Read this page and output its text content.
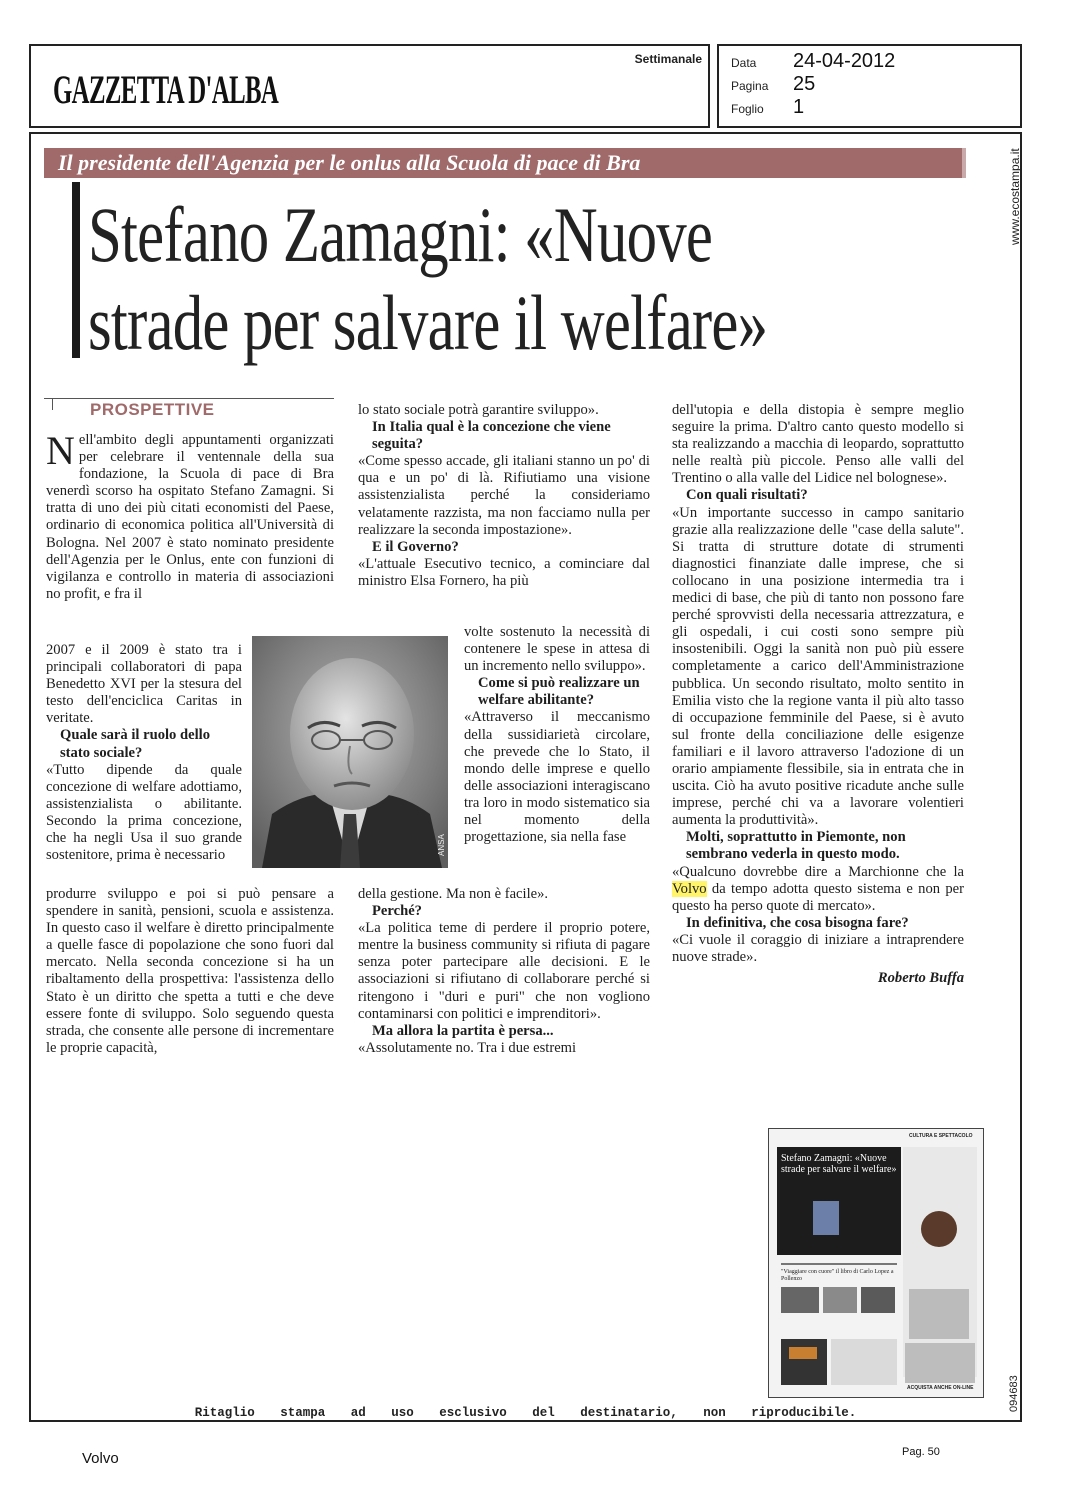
GAZZETTA D'ALBA
Settimanale Data 24-04-2012
Pagina 25
Foglio 1
Il presidente dell'Agenzia per le onlus alla Scuola di pace di Bra
Stefano Zamagni: «Nuove
strade per salvare il welfare»
PROSPETTIVE

Nell'ambito degli appuntamenti organizzati per celebrare il ventennale della sua fondazione, la Scuola di pace di Bra venerdì scorso ha ospitato Stefano Zamagni. Si tratta di uno dei più citati economisti del Paese, ordinario di economica politica all'Università di Bologna. Nel 2007 è stato nominato presidente dell'Agenzia per le Onlus, ente con funzioni di vigilanza e controllo in materia di associazioni no profit, e fra il

2007 e il 2009 è stato tra i principali collaboratori di papa Benedetto XVI per la stesura del testo dell'enciclica Caritas in veritate.

Quale sarà il ruolo dello stato sociale?

«Tutto dipende da quale concezione di welfare adottiamo, assistenzialista o abilitante. Secondo la prima concezione, che ha negli Usa il suo grande sostenitore, prima è necessario

produrre sviluppo e poi si può pensare a spendere in sanità, pensioni, scuola e assistenza. In questo caso il welfare è diretto principalmente a quelle fasce di popolazione che sono fuori dal mercato. Nella seconda concezione si ha un ribaltamento della prospettiva: l'assistenza dello Stato è un diritto che spetta a tutti e che deve essere fonte di sviluppo. Solo seguendo questa strada, che consente alle persone di incrementare le proprie capacità,

ANSA

lo stato sociale potrà garantire sviluppo».

In Italia qual è la concezione che viene seguita?

«Come spesso accade, gli italiani stanno un po' di qua e un po' di là. Rifiutiamo una visione assistenzialista perché la consideriamo velatamente razzista, ma non facciamo nulla per realizzare la seconda impostazione».

E il Governo?

«L'attuale Esecutivo tecnico, a cominciare dal ministro Elsa Fornero, ha più

volte sostenuto la necessità di contenere le spese in attesa di un incremento nello sviluppo».

Come si può realizzare un welfare abilitante?

«Attraverso il meccanismo della sussidiarietà circolare, che prevede che lo Stato, il mondo delle imprese e quello delle associazioni interagiscano tra loro in modo sistematico sia nel momento della progettazione, sia nella fase

della gestione. Ma non è facile».

Perché?

«La politica teme di perdere il proprio potere, mentre la business community si rifiuta di pagare senza poter partecipare alle decisioni. E le associazioni si rifiutano di collaborare perché si ritengono i "duri e puri" che non vogliono contaminarsi con politici e imprenditori».

Ma allora la partita è persa...

«Assolutamente no. Tra i due estremi

dell'utopia e della distopia è sempre meglio seguire la prima. D'altro canto questo modello si sta realizzando a macchia di leopardo, soprattutto nelle realtà più piccole. Penso alle valli del Trentino o alla valle del Lidice nel bolognese».

Con quali risultati?

«Un importante successo in campo sanitario grazie alla realizzazione delle "case della salute". Si tratta di strutture dotate di strumenti diagnostici finanziate dalle imprese, che si collocano in una posizione intermedia tra i medici di base, che più di tanto non possono fare perché sprovvisti della necessaria attrezzatura, e gli ospedali, i cui costi sono sempre più insostenibili. Oggi la sanità non può più essere completamente a carico dell'Amministrazione pubblica. Un secondo risultato, molto sentito in Emilia visto che la regione vanta il più alto tasso di occupazione femminile del Paese, si è avuto sul fronte della conciliazione delle esigenze familiari e il lavoro attraverso l'adozione di un orario ampiamente flessibile, sia in entrata che in uscita. Ciò ha avuto positive ricadute anche sulle imprese, perché chi va a lavorare volentieri aumenta la produttività».

Molti, soprattutto in Piemonte, non sembrano vederla in questo modo.

«Qualcuno dovrebbe dire a Marchionne che la Volvo da tempo adotta questo sistema e non per questo ha perso quote di mercato».

In definitiva, che cosa bisogna fare?

«Ci vuole il coraggio di iniziare a intraprendere nuove strade».

Roberto Buffa

CULTURA E SPETTACOLO
Stefano Zamagni: «Nuove strade per salvare il welfare»
"Viaggiare con cuore" il libro di Carlo Lopez a Pollenzo
ACQUISTA ANCHE ON-LINE
www.ecostampa.it
094683
Ritaglio stampa ad uso esclusivo del destinatario, non riproducibile.
Volvo	Pag. 50
